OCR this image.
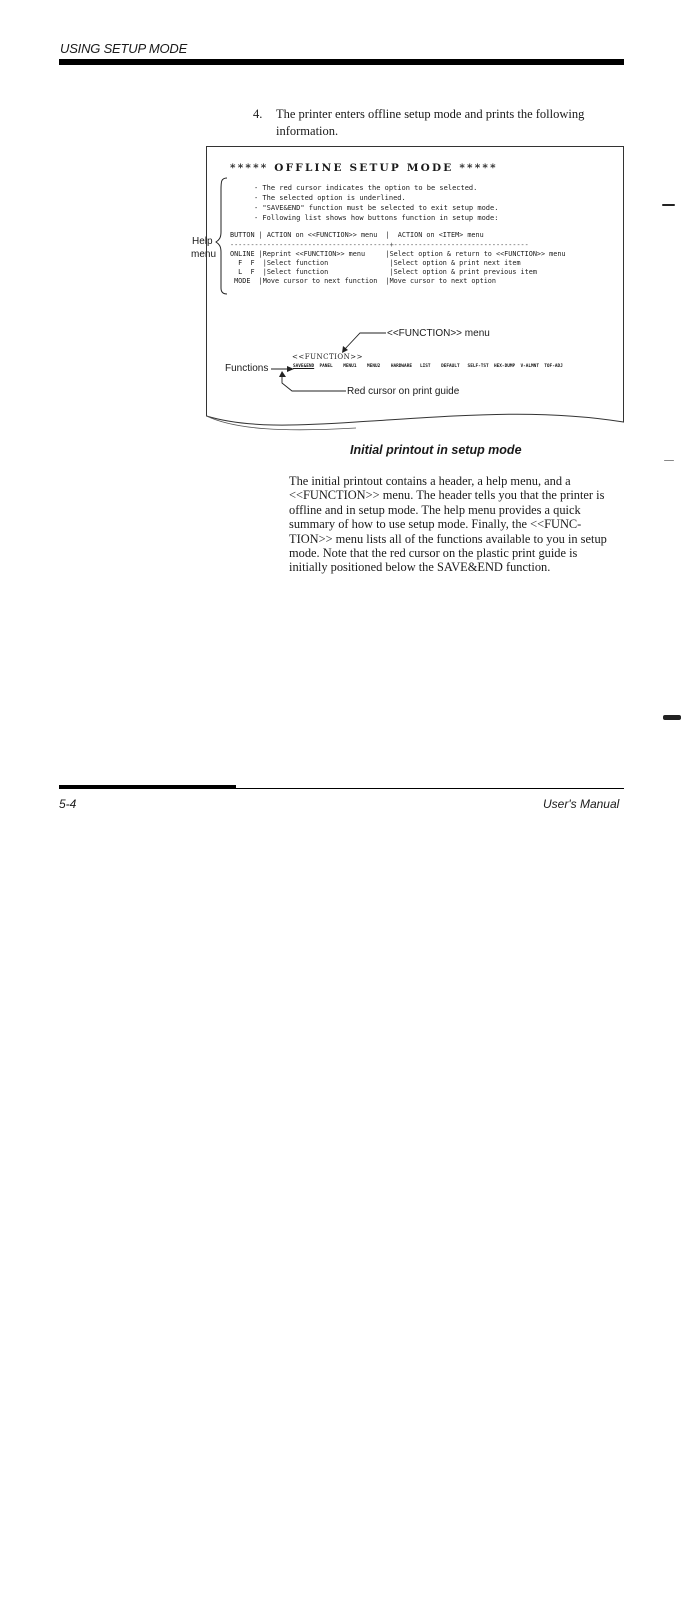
USING SETUP MODE
4. The printer enters offline setup mode and prints the following information.
***** OFFLINE SETUP MODE *****
- The red cursor indicates the option to be selected.
- The selected option is underlined.
- "SAVE&END" function must be selected to exit setup mode.
- Following list shows how buttons function in setup mode:
BUTTON | ACTION on <<FUNCTION>> menu  |  ACTION on <ITEM> menu
---------------------------------------+---------------------------------
ONLINE |Reprint <<FUNCTION>> menu     |Select option & return to <<FUNCTION>> menu
F  F  |Select function               |Select option & print next item
L  F  |Select function               |Select option & print previous item
MODE  |Move cursor to next function  |Move cursor to next option
Help
menu
<<FUNCTION>> menu
<<FUNCTION>>
SAVE&END PANEL MENU1 MENU2 HARDWARE LIST DEFAULT SELF-TST HEX-DUMP V-ALMNT TOF-ADJ
Functions
Red cursor on print guide
Initial printout in setup mode

The initial printout contains a header, a help menu, and a

<<FUNCTION>> menu. The header tells you that the printer is

offline and in setup mode. The help menu provides a quick

summary of how to use setup mode. Finally, the <<FUNC-

TION>> menu lists all of the functions available to you in setup

mode. Note that the red cursor on the plastic print guide is

initially positioned below the SAVE&END function.

5-4	User's Manual
